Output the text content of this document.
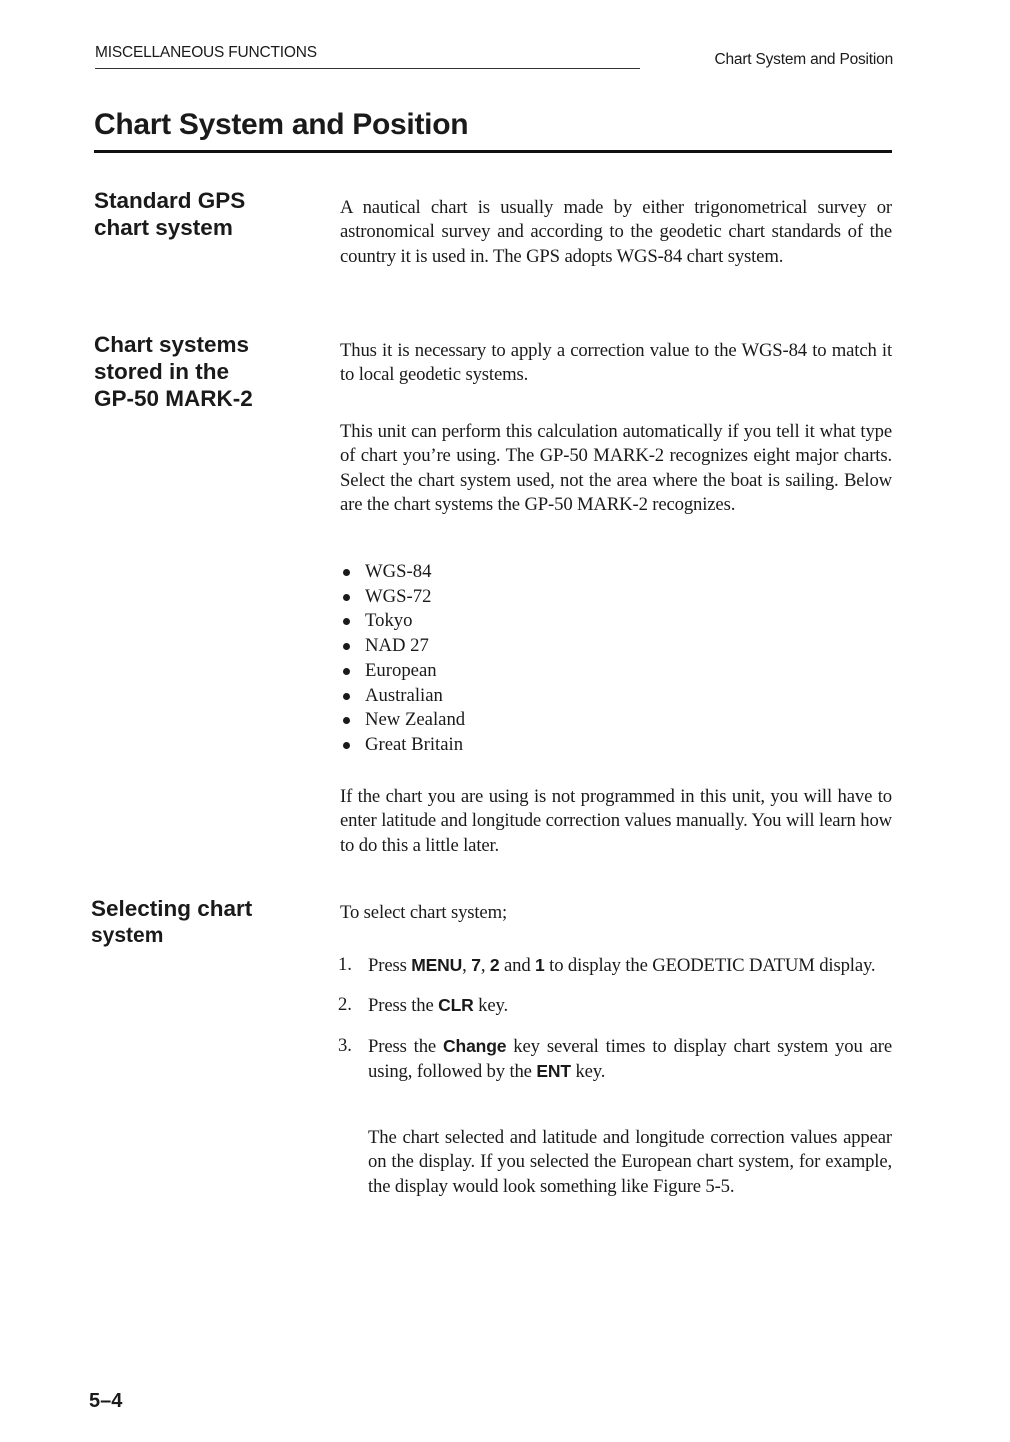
MISCELLANEOUS FUNCTIONS	Chart System and Position
Chart System and Position
Standard GPS
chart system

A nautical chart is usually made by either trigonometrical survey or astronomical survey and according to the geodetic chart standards of the country it is used in. The GPS adopts WGS-84 chart system.

Chart systems
stored in the
GP-50 MARK-2

Thus it is necessary to apply a correction value to the WGS-84 to match it to local geodetic systems.

This unit can perform this calculation automatically if you tell it what type of chart you’re using. The GP-50 MARK-2 recognizes eight major charts. Select the chart system used, not the area where the boat is sailing. Below are the chart systems the GP-50 MARK-2 recognizes.

WGS-84
WGS-72
Tokyo
NAD 27
European
Australian
New Zealand
Great Britain

If the chart you are using is not programmed in this unit, you will have to enter latitude and longitude correction values manually. You will learn how to do this a little later.

Selecting chart
system

To select chart system;

1. Press MENU, 7, 2 and 1 to display the GEODETIC DATUM display.
2. Press the CLR key.
3. Press the Change key several times to display chart system you are using, followed by the ENT key.

The chart selected and latitude and longitude correction values appear on the display. If you selected the European chart system, for example, the display would look something like Figure 5-5.

5–4
